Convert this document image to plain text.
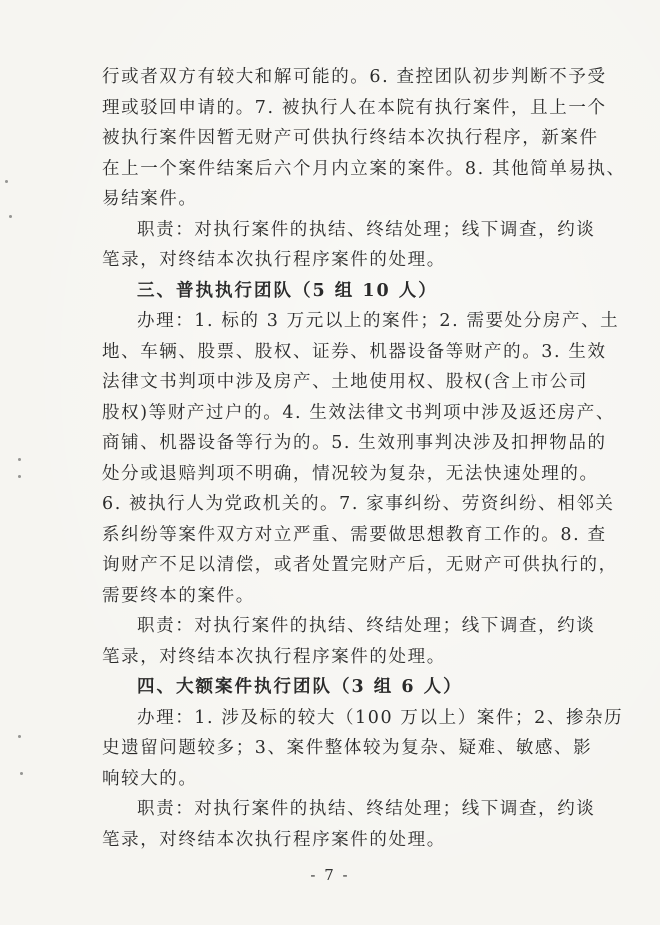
行或者双方有较大和解可能的。6. 查控团队初步判断不予受
理或驳回申请的。7. 被执行人在本院有执行案件，且上一个
被执行案件因暂无财产可供执行终结本次执行程序，新案件
在上一个案件结案后六个月内立案的案件。8. 其他简单易执、
易结案件。
职责：对执行案件的执结、终结处理；线下调查，约谈
笔录，对终结本次执行程序案件的处理。
三、普执执行团队（5 组 10 人）
办理：1. 标的 3 万元以上的案件；2. 需要处分房产、土
地、车辆、股票、股权、证券、机器设备等财产的。3. 生效
法律文书判项中涉及房产、土地使用权、股权(含上市公司
股权)等财产过户的。4. 生效法律文书判项中涉及返还房产、
商铺、机器设备等行为的。5. 生效刑事判决涉及扣押物品的
处分或退赔判项不明确，情况较为复杂，无法快速处理的。
6. 被执行人为党政机关的。7. 家事纠纷、劳资纠纷、相邻关
系纠纷等案件双方对立严重、需要做思想教育工作的。8. 查
询财产不足以清偿，或者处置完财产后，无财产可供执行的，
需要终本的案件。
职责：对执行案件的执结、终结处理；线下调查，约谈
笔录，对终结本次执行程序案件的处理。
四、大额案件执行团队（3 组 6 人）
办理：1. 涉及标的较大（100 万以上）案件；2、掺杂历
史遗留问题较多；3、案件整体较为复杂、疑难、敏感、影
响较大的。
职责：对执行案件的执结、终结处理；线下调查，约谈
笔录，对终结本次执行程序案件的处理。
- 7 -
